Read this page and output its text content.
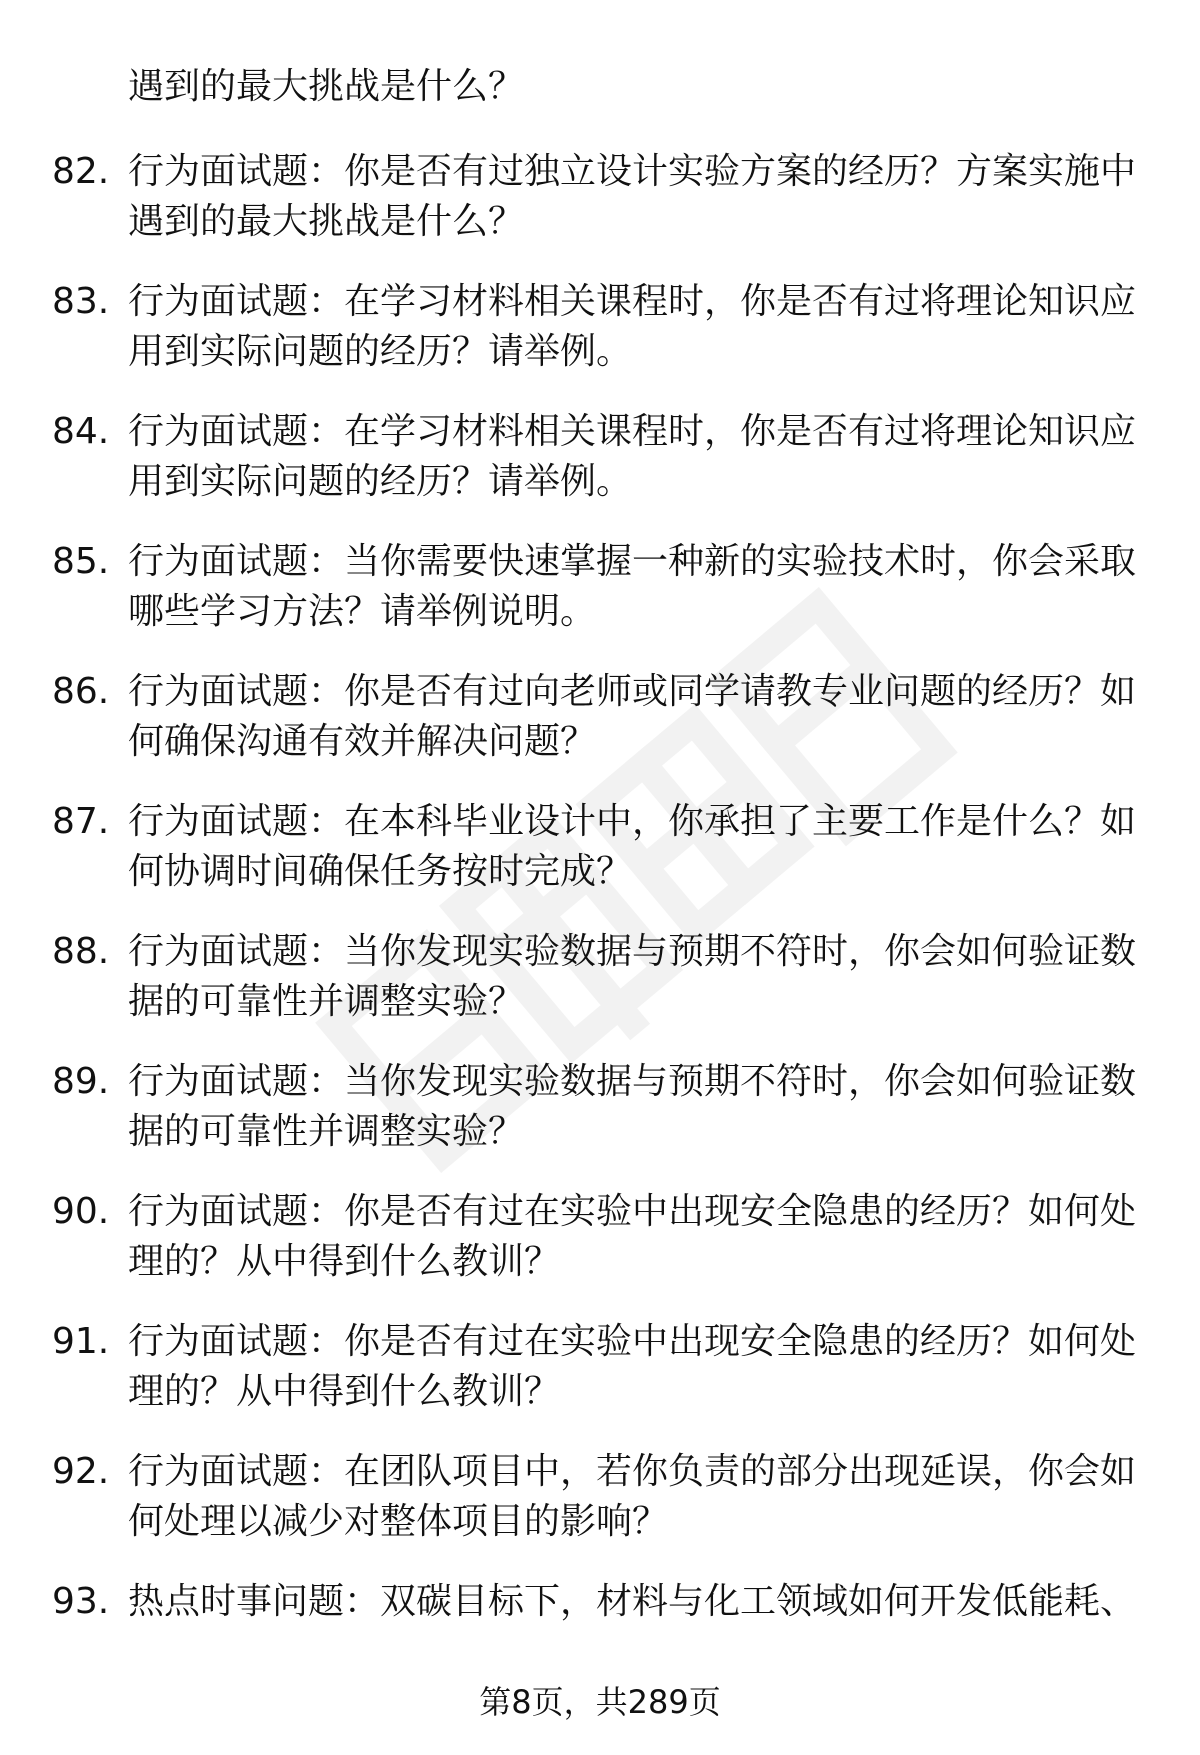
遇到的最大挑战是什么？
82. 行为面试题：你是否有过独立设计实验方案的经历？方案实施中
遇到的最大挑战是什么？
83. 行为面试题：在学习材料相关课程时，你是否有过将理论知识应
用到实际问题的经历？请举例。
84. 行为面试题：在学习材料相关课程时，你是否有过将理论知识应
用到实际问题的经历？请举例。
85. 行为面试题：当你需要快速掌握一种新的实验技术时，你会采取
哪些学习方法？请举例说明。
86. 行为面试题：你是否有过向老师或同学请教专业问题的经历？如
何确保沟通有效并解决问题？
87. 行为面试题：在本科毕业设计中，你承担了主要工作是什么？如
何协调时间确保任务按时完成？
88. 行为面试题：当你发现实验数据与预期不符时，你会如何验证数
据的可靠性并调整实验？
89. 行为面试题：当你发现实验数据与预期不符时，你会如何验证数
据的可靠性并调整实验？
90. 行为面试题：你是否有过在实验中出现安全隐患的经历？如何处
理的？从中得到什么教训？
91. 行为面试题：你是否有过在实验中出现安全隐患的经历？如何处
理的？从中得到什么教训？
92. 行为面试题：在团队项目中，若你负责的部分出现延误，你会如
何处理以减少对整体项目的影响？
93. 热点时事问题：双碳目标下，材料与化工领域如何开发低能耗、
第8页，共289页
